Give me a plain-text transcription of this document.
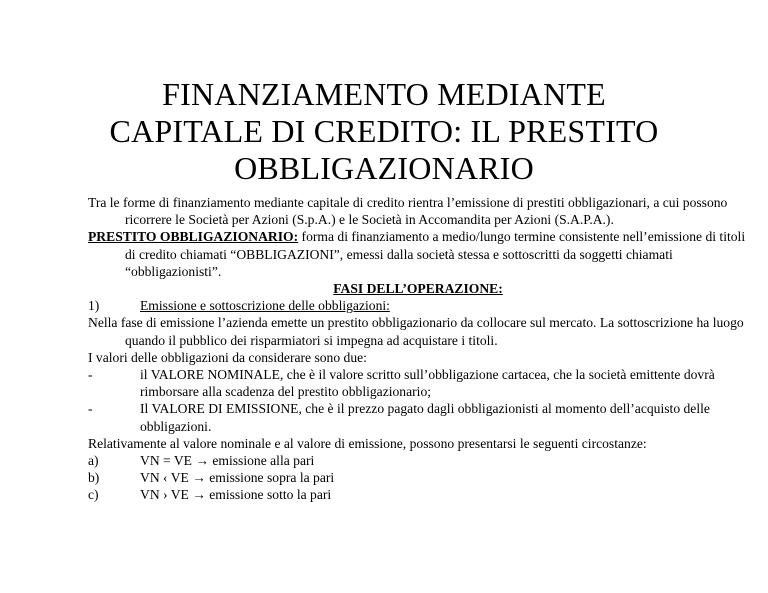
FINANZIAMENTO MEDIANTE
CAPITALE DI CREDITO: IL PRESTITO
OBBLIGAZIONARIO
Tra le forme di finanziamento mediante capitale di credito rientra l’emissione di prestiti obbligazionari, a cui possono ricorrere le Società per Azioni (S.p.A.) e le Società in Accomandita per Azioni (S.A.P.A.).
PRESTITO OBBLIGAZIONARIO: forma di finanziamento a medio/lungo termine consistente nell’emissione di titoli di credito chiamati “OBBLIGAZIONI”, emessi dalla società stessa e sottoscritti da soggetti chiamati “obbligazionisti”.
FASI DELL’OPERAZIONE:
1)	Emissione e sottoscrizione delle obbligazioni:
Nella fase di emissione l’azienda emette un prestito obbligazionario da collocare sul mercato. La sottoscrizione ha luogo quando il pubblico dei risparmiatori si impegna ad acquistare i titoli.
I valori delle obbligazioni da considerare sono due:
-	il VALORE NOMINALE, che è il valore scritto sull’obbligazione cartacea, che la società emittente dovrà rimborsare alla scadenza del prestito obbligazionario;
-	Il VALORE DI EMISSIONE, che è il prezzo pagato dagli obbligazionisti al momento dell’acquisto delle obbligazioni.
Relativamente al valore nominale e al valore di emissione, possono presentarsi le seguenti circostanze:
a)	VN = VE → emissione alla pari
b)	VN ‹ VE → emissione sopra la pari
c)	VN › VE → emissione sotto la pari
